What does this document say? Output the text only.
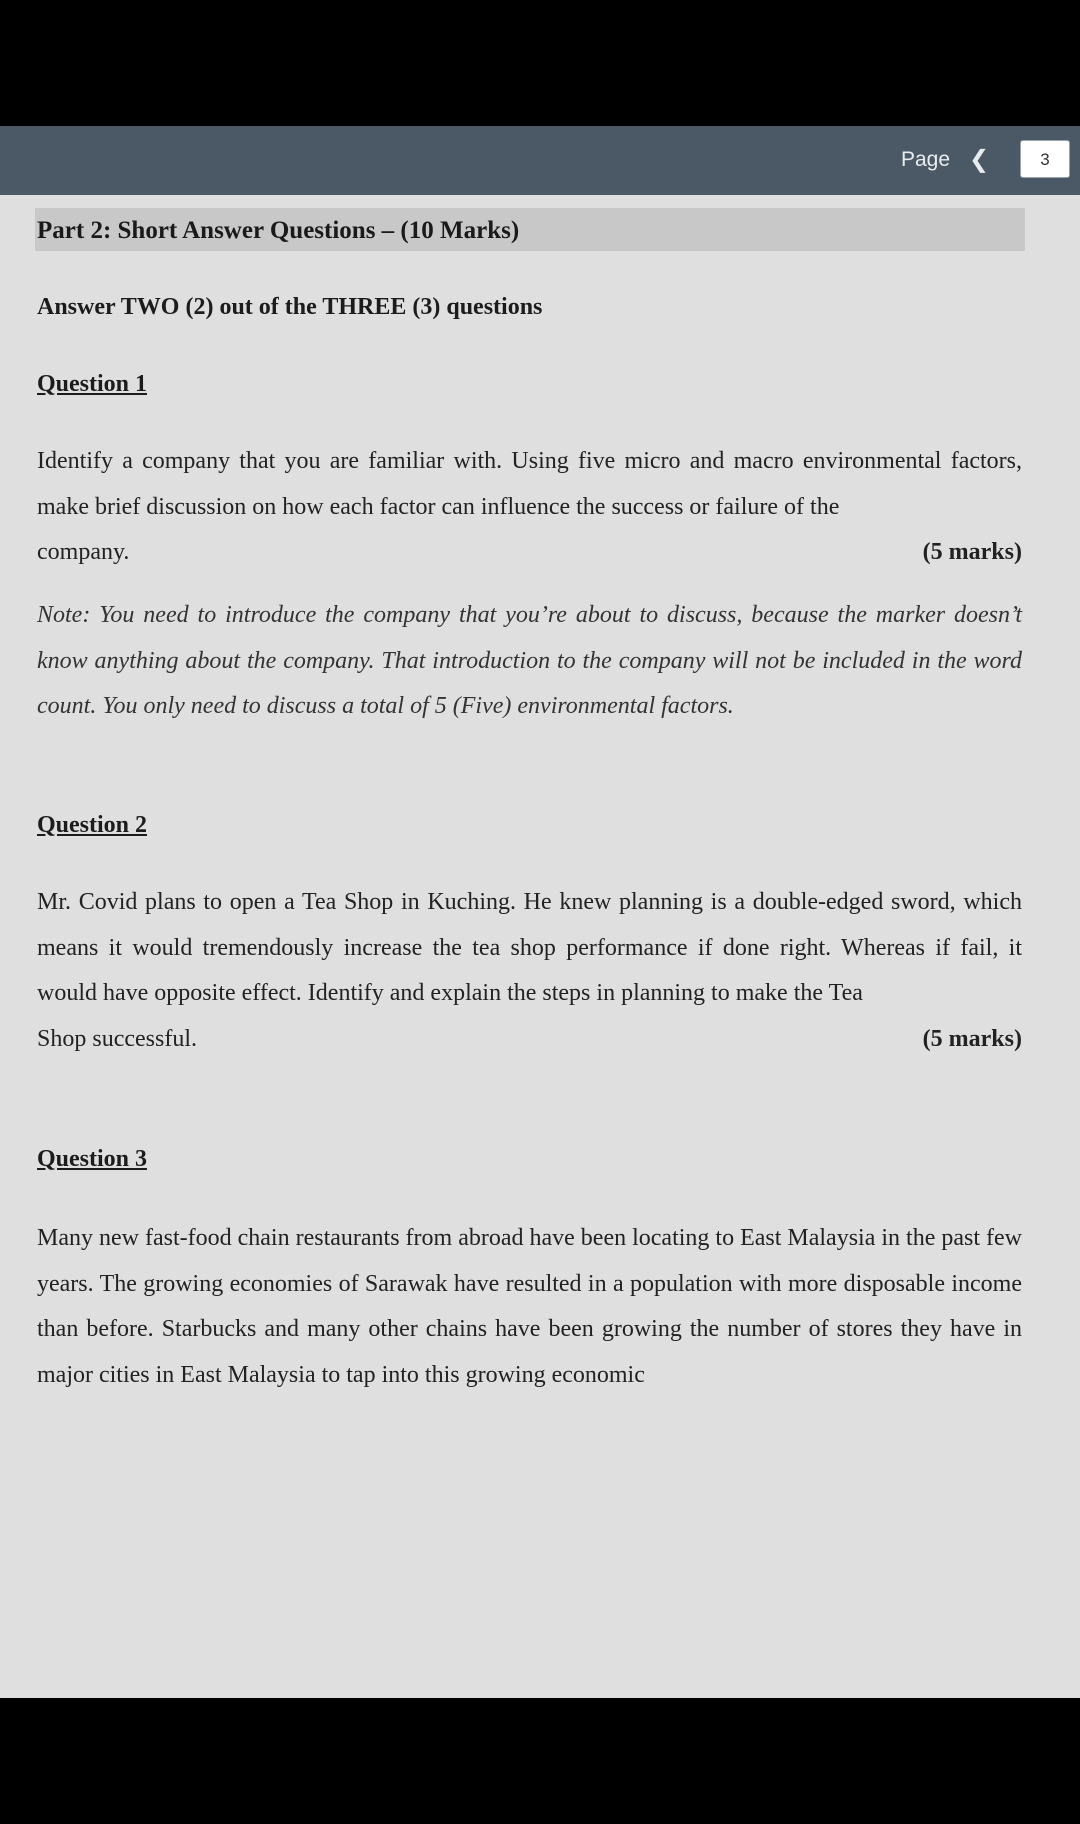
Page ❮	3
Part 2: Short Answer Questions – (10 Marks)
Answer TWO (2) out of the THREE (3) questions
Question 1
Identify a company that you are familiar with. Using five micro and macro environmental factors, make brief discussion on how each factor can influence the success or failure of the
company.	(5 marks)
Note: You need to introduce the company that you’re about to discuss, because the marker doesn’t know anything about the company. That introduction to the company will not be included in the word count. You only need to discuss a total of 5 (Five) environmental factors.
Question 2
Mr. Covid plans to open a Tea Shop in Kuching. He knew planning is a double-edged sword, which means it would tremendously increase the tea shop performance if done right. Whereas if fail, it would have opposite effect. Identify and explain the steps in planning to make the Tea
Shop successful.	(5 marks)
Question 3
Many new fast-food chain restaurants from abroad have been locating to East Malaysia in the past few years. The growing economies of Sarawak have resulted in a population with more disposable income than before. Starbucks and many other chains have been growing the number of stores they have in major cities in East Malaysia to tap into this growing economic
